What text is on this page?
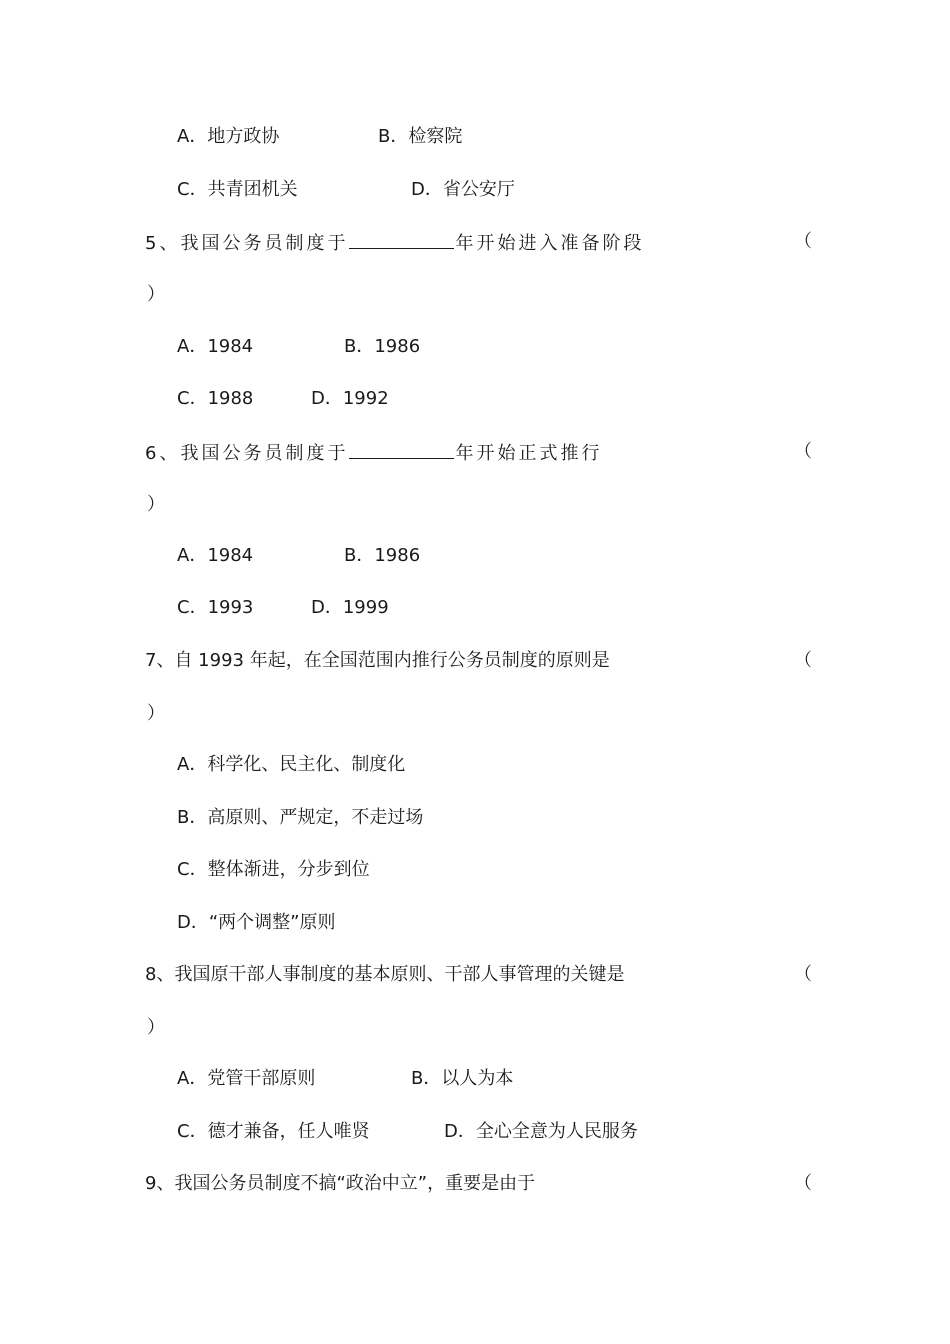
A．地方政协	B．检察院
C．共青团机关	D．省公安厅
5、我国公务员制度于	年开始进入准备阶段	（
）
A．1984	B．1986
C．1988	D．1992
6、我国公务员制度于	年开始正式推行	（
）
A．1984	B．1986
C．1993	D．1999
7、自 1993 年起，在全国范围内推行公务员制度的原则是	（
）
A．科学化、民主化、制度化
B．高原则、严规定，不走过场
C．整体渐进，分步到位
D．“两个调整”原则
8、我国原干部人事制度的基本原则、干部人事管理的关键是	（
）
A．党管干部原则	B．以人为本
C．德才兼备，任人唯贤	D．全心全意为人民服务
9、我国公务员制度不搞“政治中立”，重要是由于	（
